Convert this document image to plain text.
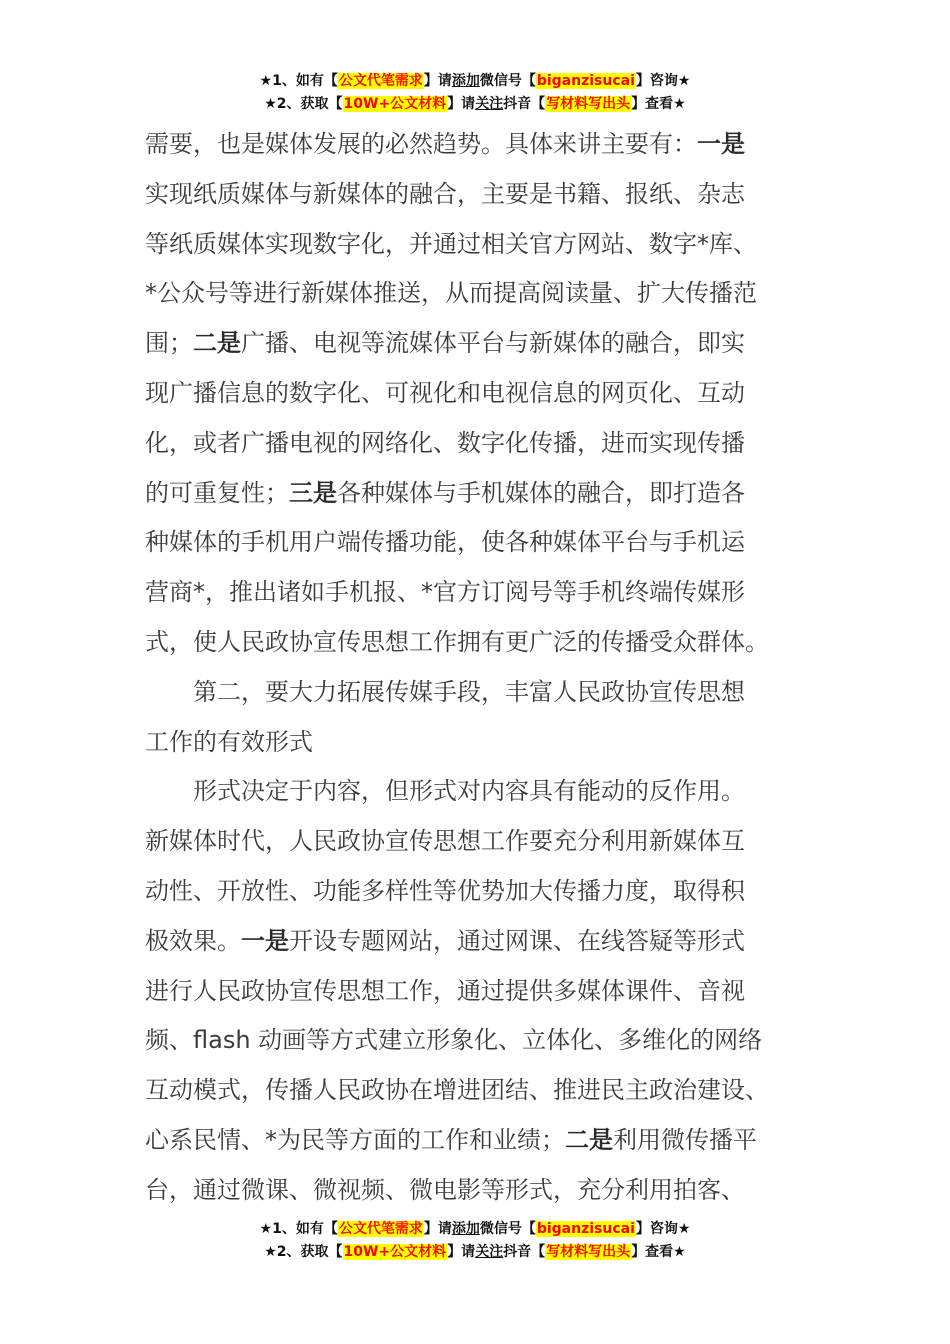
★1、如有【公文代笔需求】请添加微信号【biganzisucai】咨询★
★2、获取【10W+公文材料】请关注抖音【写材料写出头】查看★

需要，也是媒体发展的必然趋势。具体来讲主要有：一是
实现纸质媒体与新媒体的融合，主要是书籍、报纸、杂志
等纸质媒体实现数字化，并通过相关官方网站、数字*库、
*公众号等进行新媒体推送，从而提高阅读量、扩大传播范
围；二是广播、电视等流媒体平台与新媒体的融合，即实
现广播信息的数字化、可视化和电视信息的网页化、互动
化，或者广播电视的网络化、数字化传播，进而实现传播
的可重复性；三是各种媒体与手机媒体的融合，即打造各
种媒体的手机用户端传播功能，使各种媒体平台与手机运
营商*，推出诸如手机报、*官方订阅号等手机终端传媒形
式，使人民政协宣传思想工作拥有更广泛的传播受众群体。

第二，要大力拓展传媒手段，丰富人民政协宣传思想
工作的有效形式

形式决定于内容，但形式对内容具有能动的反作用。
新媒体时代，人民政协宣传思想工作要充分利用新媒体互
动性、开放性、功能多样性等优势加大传播力度，取得积
极效果。一是开设专题网站，通过网课、在线答疑等形式
进行人民政协宣传思想工作，通过提供多媒体课件、音视
频、flash 动画等方式建立形象化、立体化、多维化的网络
互动模式，传播人民政协在增进团结、推进民主政治建设、
心系民情、*为民等方面的工作和业绩；二是利用微传播平
台，通过微课、微视频、微电影等形式，充分利用拍客、

★1、如有【公文代笔需求】请添加微信号【biganzisucai】咨询★
★2、获取【10W+公文材料】请关注抖音【写材料写出头】查看★
